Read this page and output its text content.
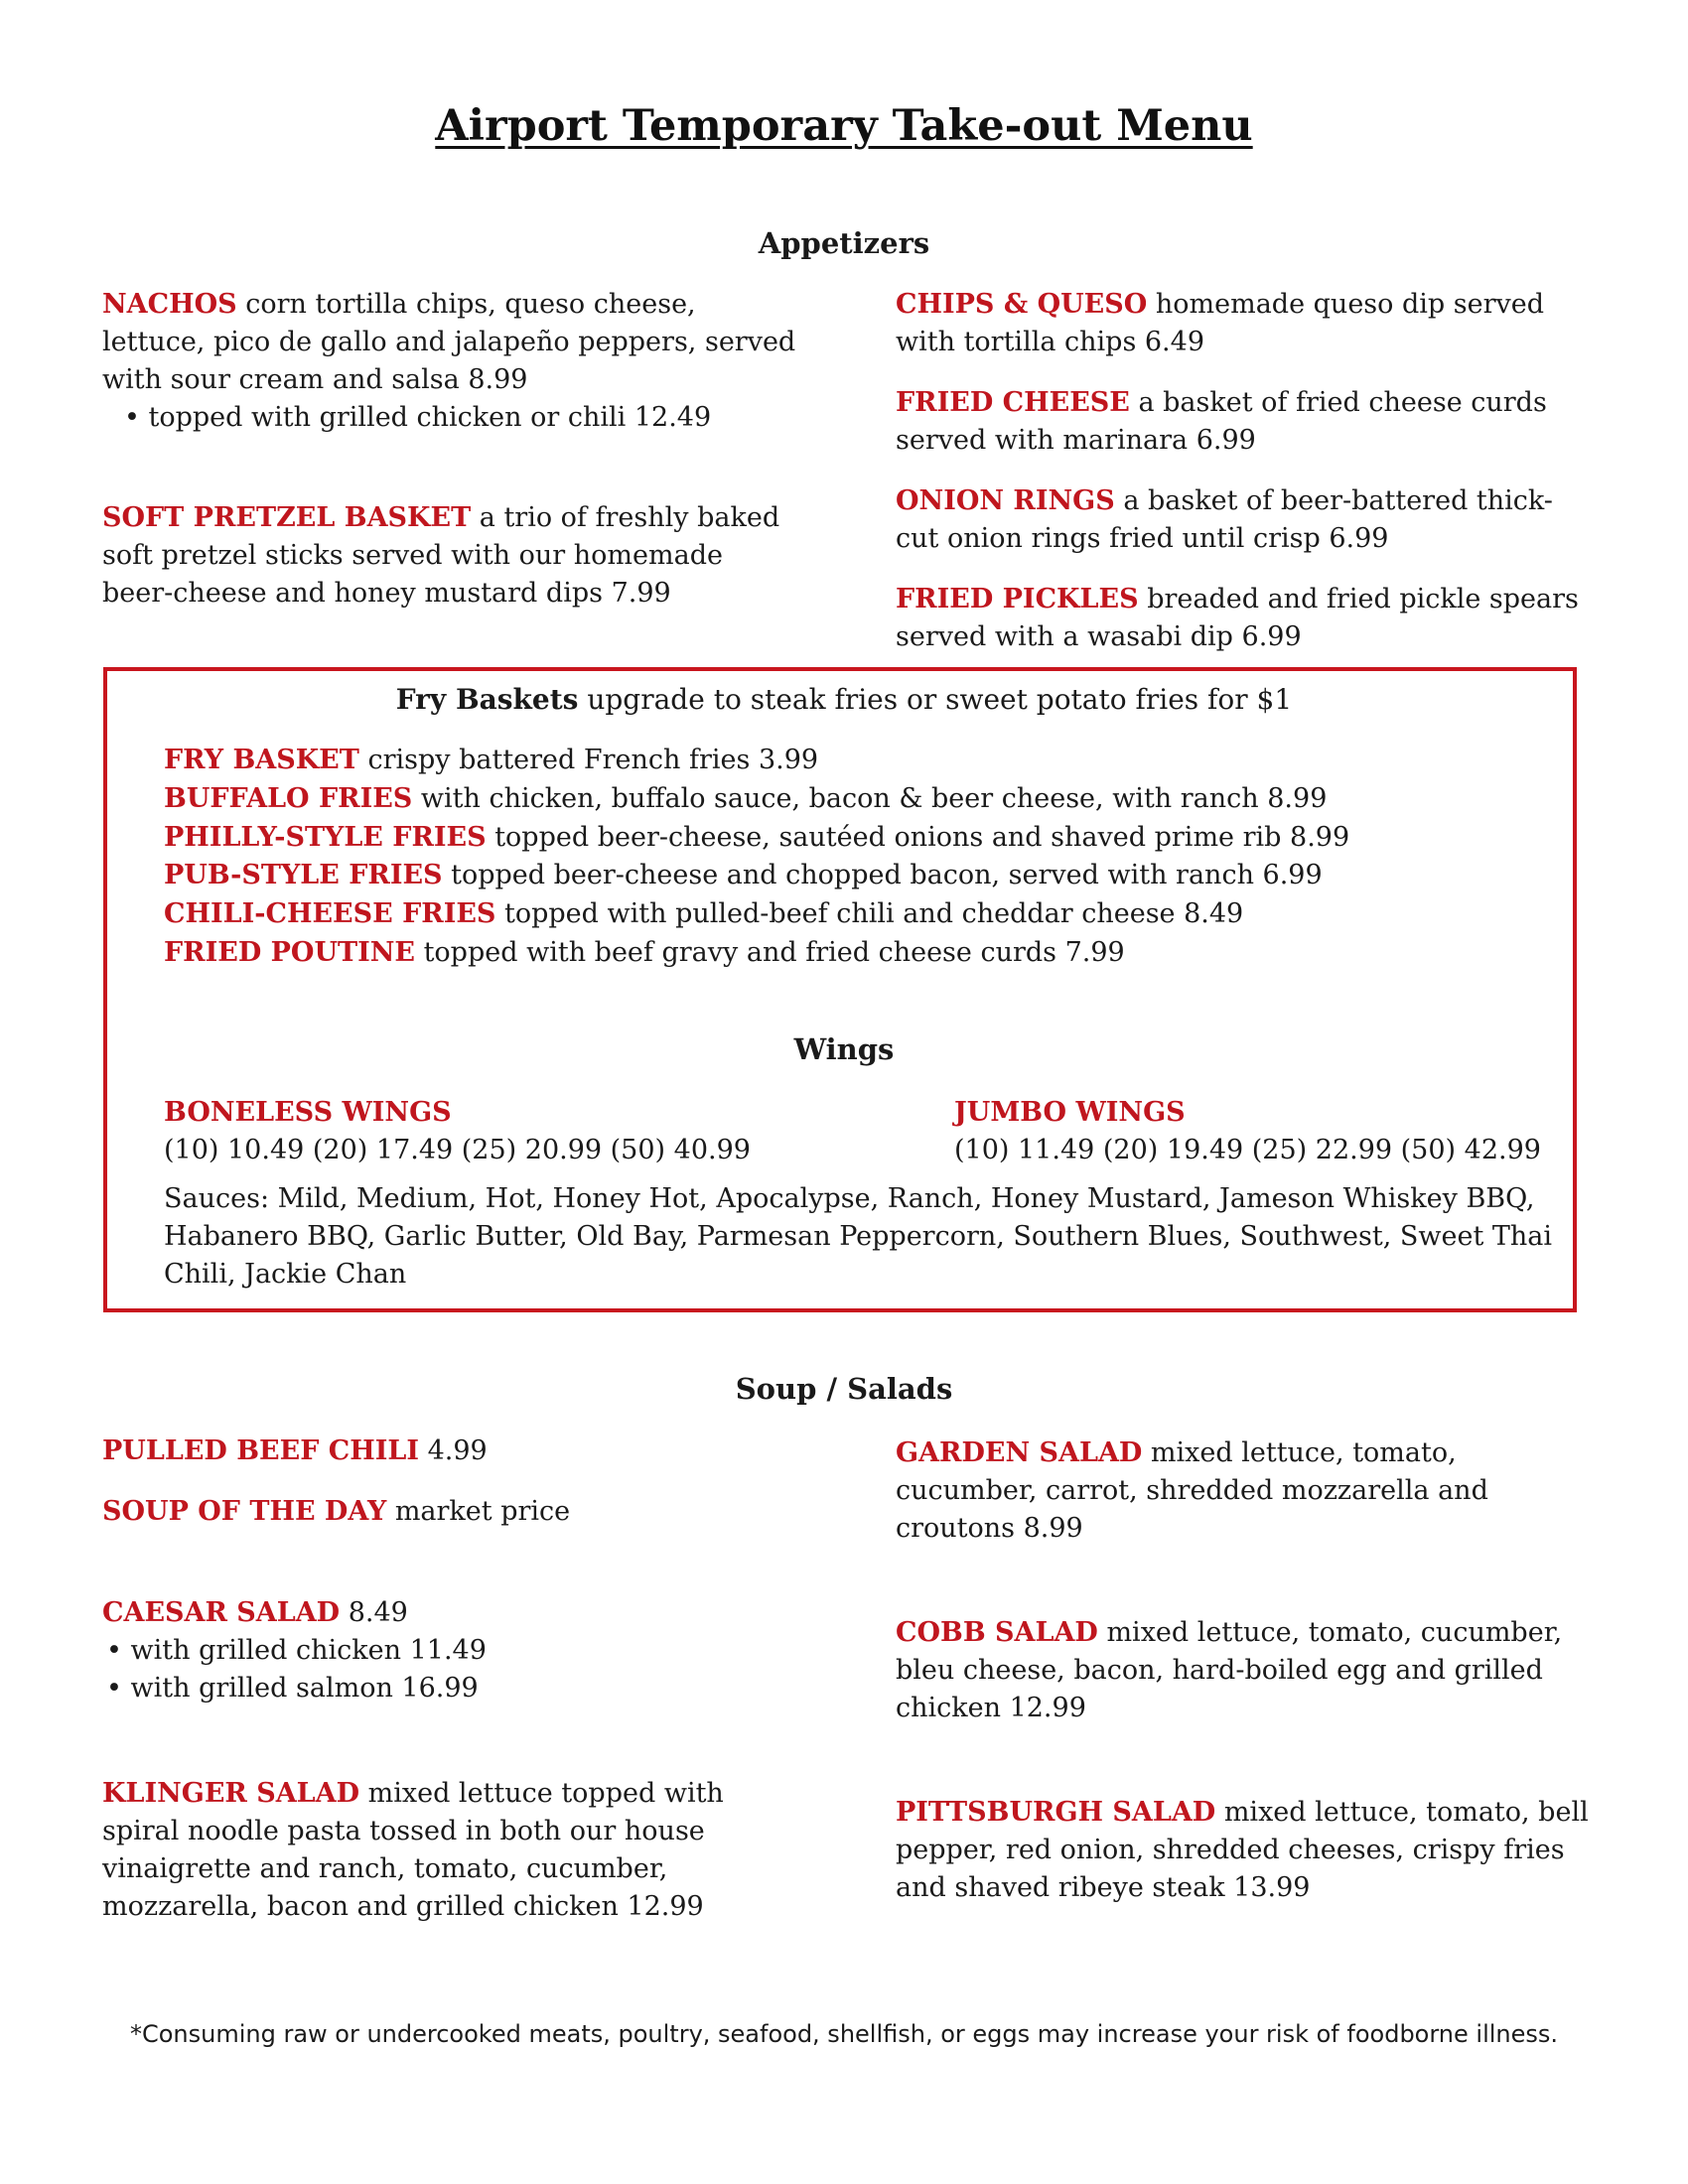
Airport Temporary Take-out Menu
Appetizers

NACHOS corn tortilla chips, queso cheese, lettuce, pico de gallo and jalapeño peppers, served with sour cream and salsa 8.99

• topped with grilled chicken or chili 12.49

SOFT PRETZEL BASKET a trio of freshly baked soft pretzel sticks served with our homemade beer-cheese and honey mustard dips 7.99

CHIPS & QUESO homemade queso dip served with tortilla chips 6.49

FRIED CHEESE a basket of fried cheese curds served with marinara 6.99

ONION RINGS a basket of beer-battered thick-cut onion rings fried until crisp 6.99

FRIED PICKLES breaded and fried pickle spears served with a wasabi dip 6.99

Fry Baskets upgrade to steak fries or sweet potato fries for $1

FRY BASKET crispy battered French fries 3.99

BUFFALO FRIES with chicken, buffalo sauce, bacon & beer cheese, with ranch 8.99

PHILLY-STYLE FRIES topped beer-cheese, sautéed onions and shaved prime rib 8.99

PUB-STYLE FRIES topped beer-cheese and chopped bacon, served with ranch 6.99

CHILI-CHEESE FRIES topped with pulled-beef chili and cheddar cheese 8.49

FRIED POUTINE topped with beef gravy and fried cheese curds 7.99

Wings

BONELESS WINGS

(10) 10.49 (20) 17.49 (25) 20.99 (50) 40.99

JUMBO WINGS

(10) 11.49 (20) 19.49 (25) 22.99 (50) 42.99

Sauces: Mild, Medium, Hot, Honey Hot, Apocalypse, Ranch, Honey Mustard, Jameson Whiskey BBQ, Habanero BBQ, Garlic Butter, Old Bay, Parmesan Peppercorn, Southern Blues, Southwest, Sweet Thai Chili, Jackie Chan

Soup / Salads

PULLED BEEF CHILI 4.99

SOUP OF THE DAY market price

CAESAR SALAD 8.49

• with grilled chicken 11.49

• with grilled salmon 16.99

KLINGER SALAD mixed lettuce topped with spiral noodle pasta tossed in both our house vinaigrette and ranch, tomato, cucumber, mozzarella, bacon and grilled chicken 12.99

GARDEN SALAD mixed lettuce, tomato, cucumber, carrot, shredded mozzarella and croutons 8.99

COBB SALAD mixed lettuce, tomato, cucumber, bleu cheese, bacon, hard-boiled egg and grilled chicken 12.99

PITTSBURGH SALAD mixed lettuce, tomato, bell pepper, red onion, shredded cheeses, crispy fries and shaved ribeye steak 13.99

*Consuming raw or undercooked meats, poultry, seafood, shellfish, or eggs may increase your risk of foodborne illness.
